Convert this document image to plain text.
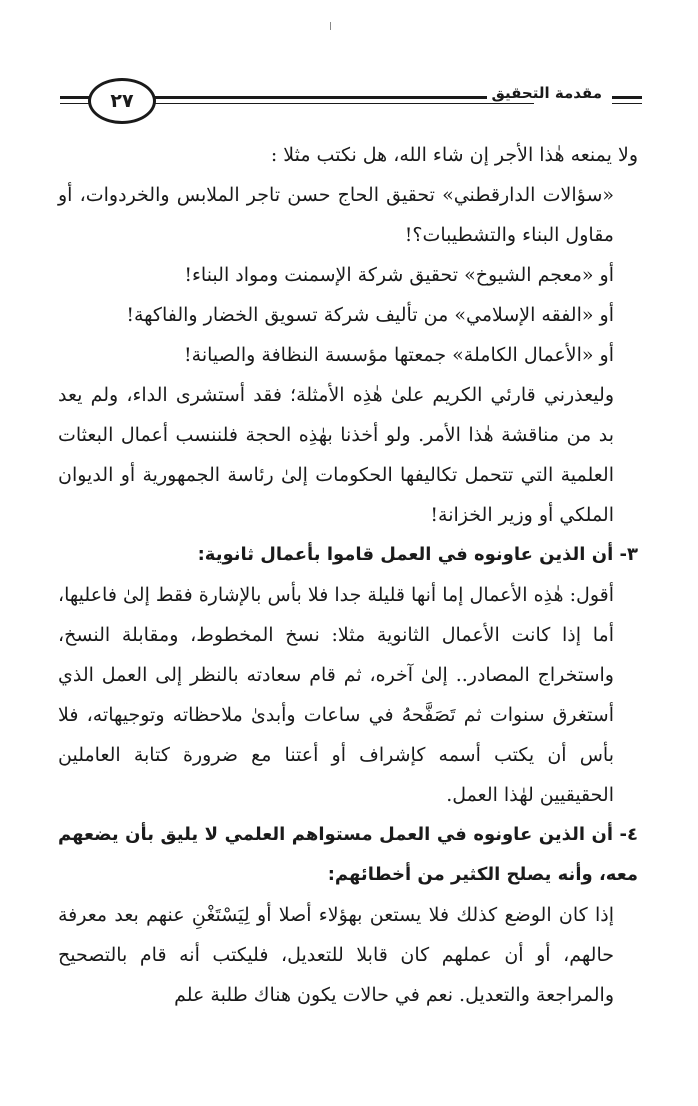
٢٧	مقدمة التحقيق

ولا يمنعه هٰذا الأجر إن شاء الله، هل نكتب مثلا :

«سؤالات الدارقطني» تحقيق الحاج حسن تاجر الملابس والخردوات، أو مقاول البناء والتشطيبات؟!

أو «معجم الشيوخ» تحقيق شركة الإسمنت ومواد البناء!

أو «الفقه الإسلامي» من تأليف شركة تسويق الخضار والفاكهة!

أو «الأعمال الكاملة» جمعتها مؤسسة النظافة والصيانة!

وليعذرني قارئي الكريم علىٰ هٰذِه الأمثلة؛ فقد أستشرى الداء، ولم يعد بد من مناقشة هٰذا الأمر. ولو أخذنا بهٰذِه الحجة فلننسب أعمال البعثات العلمية التي تتحمل تكاليفها الحكومات إلىٰ رئاسة الجمهورية أو الديوان الملكي أو وزير الخزانة!

٣- أن الذين عاونوه في العمل قاموا بأعمال ثانوية:

أقول: هٰذِه الأعمال إما أنها قليلة جدا فلا بأس بالإشارة فقط إلىٰ فاعليها، أما إذا كانت الأعمال الثانوية مثلا: نسخ المخطوط، ومقابلة النسخ، واستخراج المصادر.. إلىٰ آخره، ثم قام سعادته بالنظر إلى العمل الذي أستغرق سنوات ثم تَصَفَّحهُ في ساعات وأبدىٰ ملاحظاته وتوجيهاته، فلا بأس أن يكتب أسمه كإشراف أو أعتنا مع ضرورة كتابة العاملين الحقيقيين لهٰذا العمل.

٤- أن الذين عاونوه في العمل مستواهم العلمي لا يليق بأن يضعهم معه، وأنه يصلح الكثير من أخطائهم:

إذا كان الوضع كذلك فلا يستعن بهؤلاء أصلا أو لِيَسْتَغْنِ عنهم بعد معرفة حالهم، أو أن عملهم كان قابلا للتعديل، فليكتب أنه قام بالتصحيح والمراجعة والتعديل. نعم في حالات يكون هناك طلبة علم
